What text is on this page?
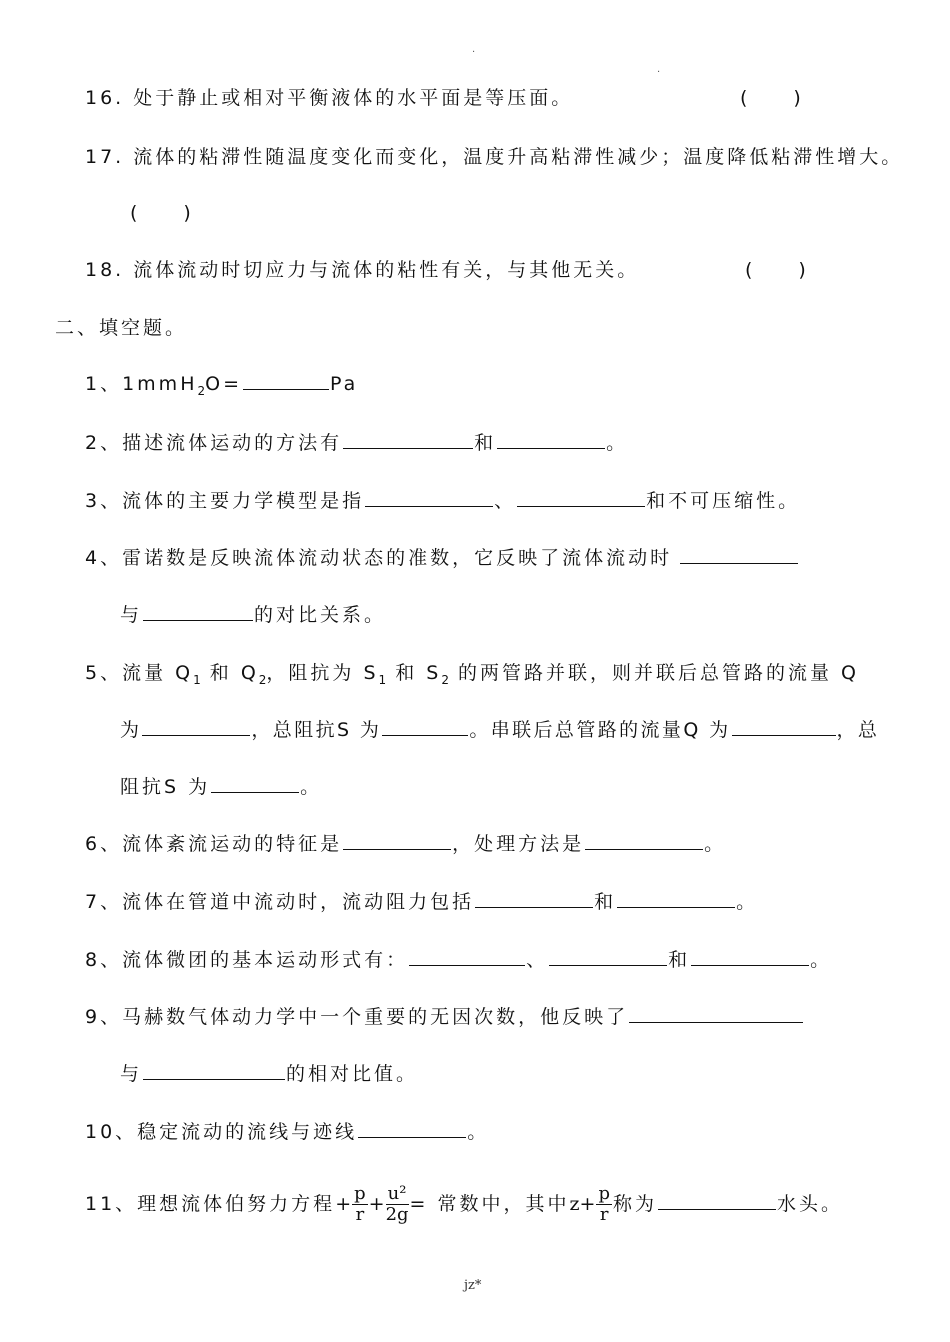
.
.
16. 处于静止或相对平衡液体的水平面是等压面。	( )
17. 流体的粘滞性随温度变化而变化，温度升高粘滞性减少；温度降低粘滞性增大。
( )
18. 流体流动时切应力与流体的粘性有关，与其他无关。	( )
二、填空题。
1、1mmH$_2$O=	Pa
2、描述流体运动的方法有	和	。
3、流体的主要力学模型是指	、	和不可压缩性。
4、雷诺数是反映流体流动状态的准数，它反映了流体流动时
与	的对比关系。
5、流量 $Q_1$ 和 $Q_2$，阻抗为 $S_1$ 和 $S_2$ 的两管路并联，则并联后总管路的流量 Q
为	，总阻抗S 为	。串联后总管路的流量Q 为	，总
阻抗S 为	。
6、流体紊流运动的特征是	，处理方法是	。
7、流体在管道中流动时，流动阻力包括	和	。
8、流体微团的基本运动形式有：	、	和	。
9、马赫数气体动力学中一个重要的无因次数，他反映了
与	的相对比值。
10、稳定流动的流线与迹线	。
11、理想流体伯努力方程+ $\frac{p}{r} + \frac{\text{u²}}{2g}$ = 常数中，其中$z+ \frac{p}{r}$ 称为	水头。
jz*
